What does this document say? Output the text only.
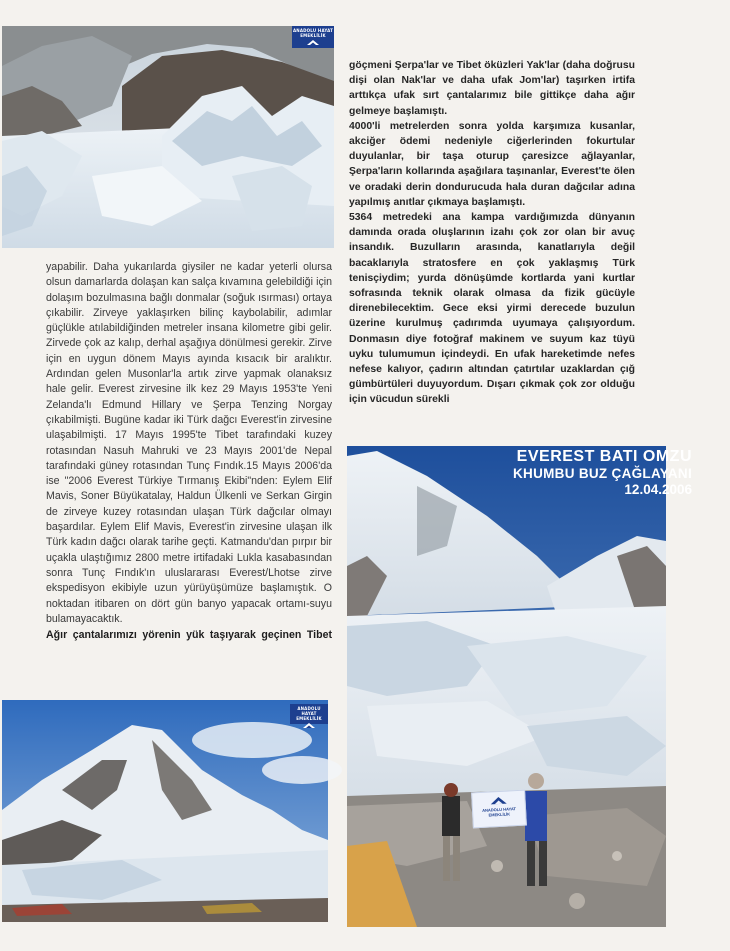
ANADOLU HAYAT
EMEKLİLİK

yapabilir. Daha yukarılarda giysiler ne kadar yeterli olursa olsun damarlarda dolaşan kan salça kıvamına gelebildiği için dolaşım bozulmasına bağlı donmalar (soğuk ısırması) ortaya çıkabilir. Zirveye yaklaşırken bilinç kaybolabilir, adımlar güçlükle atılabildiğinden metreler insana kilometre gibi gelir. Zirvede çok az kalıp, derhal aşağıya dönülmesi gerekir. Zirve için en uygun dönem Mayıs ayında kısacık bir aralıktır. Ardından gelen Musonlar'la artık zirve yapmak olanaksız hale gelir. Everest zirvesine ilk kez 29 Mayıs 1953'te Yeni Zelanda'lı Edmund Hillary ve Şerpa Tenzing Norgay çıkabilmişti. Bugüne kadar iki Türk dağcı Everest'in zirvesine ulaşabilmişti. 17 Mayıs 1995'te Tibet tarafındaki kuzey rotasından Nasuh Mahruki ve 23 Mayıs 2001'de Nepal tarafındaki güney rotasından Tunç Fındık.15 Mayıs 2006'da ise "2006 Everest Türkiye Tırmanış Ekibi"nden: Eylem Elif Mavis, Soner Büyükatalay, Haldun Ülkenli ve Serkan Girgin de zirveye kuzey rotasından ulaşan Türk dağcılar olmayı başardılar. Eylem Elif Mavis, Everest'in zirvesine ulaşan ilk Türk kadın dağcı olarak tarihe geçti. Katmandu'dan pırpır bir uçakla ulaştığımız 2800 metre irtifadaki Lukla kasabasından sonra Tunç Fındık'ın uluslararası Everest/Lhotse zirve ekspedisyon ekibiyle uzun yürüyüşümüze başlamıştık. O noktadan itibaren on dört gün banyo yapacak ortamı-suyu bulamayacaktık.

Ağır çantalarımızı yörenin yük taşıyarak geçinen Tibet

göçmeni Şerpa'lar ve Tibet öküzleri Yak'lar (daha doğrusu dişi olan Nak'lar ve daha ufak Jom'lar) taşırken irtifa arttıkça ufak sırt çantalarımız bile gittikçe daha ağır gelmeye başlamıştı.

4000'li metrelerden sonra yolda karşımıza kusanlar, akciğer ödemi nedeniyle ciğerlerinden fokurtular duyulanlar, bir taşa oturup çaresizce ağlayanlar, Şerpa'ların kollarında aşağılara taşınanlar, Everest'te ölen ve oradaki derin dondurucuda hala duran dağcılar adına yapılmış anıtlar çıkmaya başlamıştı.

5364 metredeki ana kampa vardığımızda dünyanın damında orada oluşlarının izahı çok zor olan bir avuç insandık. Buzulların arasında, kanatlarıyla değil bacaklarıyla stratosfere en çok yaklaşmış Türk tenisçiydim; yurda dönüşümde kortlarda yani kurtlar sofrasında teknik olarak olmasa da fizik gücüyle direnebilecektim. Gece eksi yirmi derecede buzulun üzerine kurulmuş çadırımda uyumaya çalışıyordum. Donmasın diye fotoğraf makinem ve suyum kaz tüyü uyku tulumumun içindeydi. En ufak hareketimde nefes nefese kalıyor, çadırın altından çatırtılar uzaklardan çığ gümbürtüleri duyuyordum. Dışarı çıkmak çok zor olduğu için vücudun sürekli

ANADOLU HAYAT
EMEKLİLİK
ANADOLU HAYAT
EMEKLİLİK
EVEREST BATI OMZU
KHUMBU BUZ ÇAĞLAYANI
12.04.2006
